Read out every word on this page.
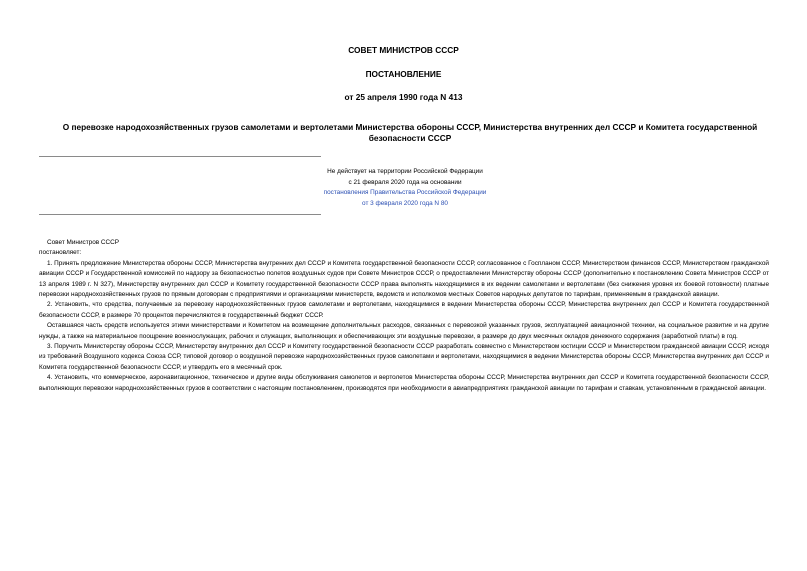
СОВЕТ МИНИСТРОВ СССР
ПОСТАНОВЛЕНИЕ
от 25 апреля 1990 года N 413
О перевозке народохозяйственных грузов самолетами и вертолетами Министерства обороны СССР, Министерства внутренних дел СССР и Комитета государственной безопасности СССР
Не действует на территории Российской Федерации
с 21 февраля 2020 года на основании
постановления Правительства Российской Федерации
от 3 февраля 2020 года N 80

Совет Министров СССР

постановляет:

1. Принять предложение Министерства обороны СССР, Министерства внутренних дел СССР и Комитета государственной безопасности СССР, согласованное с Госпланом СССР, Министерством финансов СССР, Министерством гражданской авиации СССР и Государственной комиссией по надзору за безопасностью полетов воздушных судов при Совете Министров СССР, о предоставлении Министерству обороны СССР (дополнительно к постановлению Совета Министров СССР от 13 апреля 1989 г. N 327), Министерству внутренних дел СССР и Комитету государственной безопасности СССР права выполнять находящимися в их ведении самолетами и вертолетами (без снижения уровня их боевой готовности) платные перевозки народнохозяйственных грузов по прямым договорам с предприятиями и организациями министерств, ведомств и исполкомов местных Советов народных депутатов по тарифам, применяемым в гражданской авиации.

2. Установить, что средства, получаемые за перевозку народнохозяйственных грузов самолетами и вертолетами, находящимися в ведении Министерства обороны СССР, Министерства внутренних дел СССР и Комитета государственной безопасности СССР, в размере 70 процентов перечисляются в государственный бюджет СССР.

Оставшаяся часть средств используется этими министерствами и Комитетом на возмещение дополнительных расходов, связанных с перевозкой указанных грузов, эксплуатацией авиационной техники, на социальное развитие и на другие нужды, а также на материальное поощрение военнослужащих, рабочих и служащих, выполняющих и обеспечивающих эти воздушные перевозки, в размере до двух месячных окладов денежного содержания (заработной платы) в год.

3. Поручить Министерству обороны СССР, Министерству внутренних дел СССР и Комитету государственной безопасности СССР разработать совместно с Министерством юстиции СССР и Министерством гражданской авиации СССР, исходя из требований Воздушного кодекса Союза ССР, типовой договор о воздушной перевозке народнохозяйственных грузов самолетами и вертолетами, находящимися в ведении Министерства обороны СССР, Министерства внутренних дел СССР и Комитета государственной безопасности СССР, и утвердить его в месячный срок.

4. Установить, что коммерческое, аэронавигационное, техническое и другие виды обслуживания самолетов и вертолетов Министерства обороны СССР, Министерства внутренних дел СССР и Комитета государственной безопасности СССР, выполняющих перевозки народнохозяйственных грузов в соответствии с настоящим постановлением, производятся при необходимости в авиапредприятиях гражданской авиации по тарифам и ставкам, установленным в гражданской авиации.
